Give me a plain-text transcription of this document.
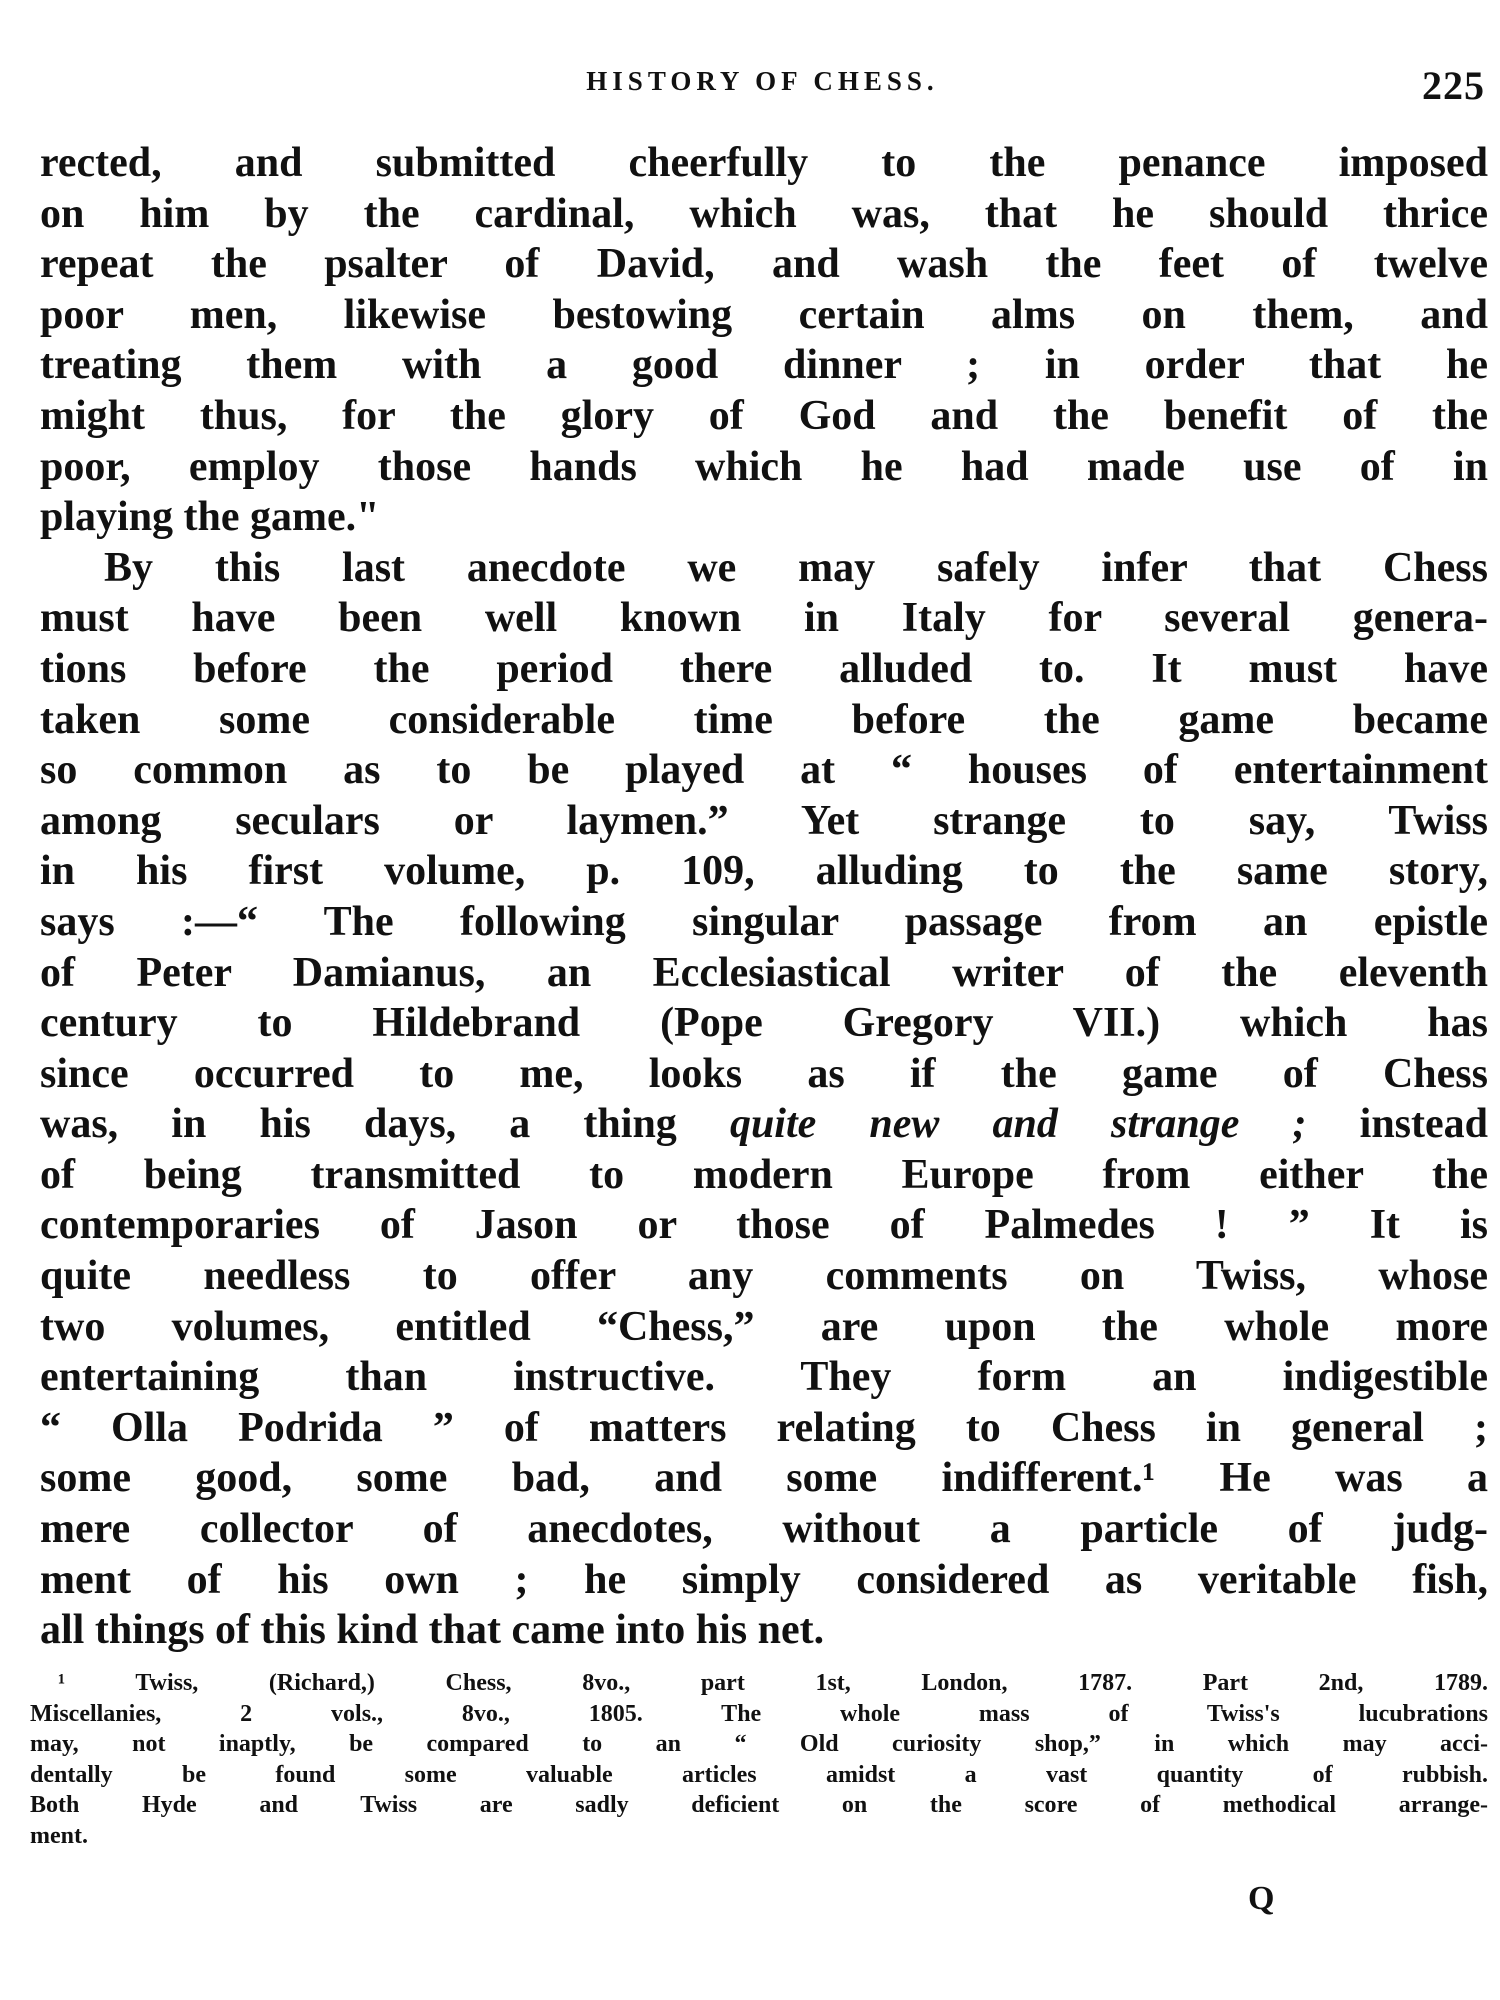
HISTORY OF CHESS.	225
rected, and submitted cheerfully to the penance imposed
on him by the cardinal, which was, that he should thrice
repeat the psalter of David, and wash the feet of twelve
poor men, likewise bestowing certain alms on them, and
treating them with a good dinner ; in order that he
might thus, for the glory of God and the benefit of the
poor, employ those hands which he had made use of in
playing the game."
By this last anecdote we may safely infer that Chess
must have been well known in Italy for several genera-
tions before the period there alluded to. It must have
taken some considerable time before the game became
so common as to be played at “ houses of entertainment
among seculars or laymen.” Yet strange to say, Twiss
in his first volume, p. 109, alluding to the same story,
says :—“ The following singular passage from an epistle
of Peter Damianus, an Ecclesiastical writer of the eleventh
century to Hildebrand (Pope Gregory VII.) which has
since occurred to me, looks as if the game of Chess
was, in his days, a thing quite new and strange ; instead
of being transmitted to modern Europe from either the
contemporaries of Jason or those of Palmedes ! ” It is
quite needless to offer any comments on Twiss, whose
two volumes, entitled “Chess,” are upon the whole more
entertaining than instructive. They form an indigestible
“ Olla Podrida ” of matters relating to Chess in general ;
some good, some bad, and some indifferent.¹ He was a
mere collector of anecdotes, without a particle of judg-
ment of his own ; he simply considered as veritable fish,
all things of this kind that came into his net.
¹ Twiss, (Richard,) Chess, 8vo., part 1st, London, 1787. Part 2nd, 1789.
Miscellanies, 2 vols., 8vo., 1805. The whole mass of Twiss's lucubrations
may, not inaptly, be compared to an “ Old curiosity shop,” in which may acci-
dentally be found some valuable articles amidst a vast quantity of rubbish.
Both Hyde and Twiss are sadly deficient on the score of methodical arrange-
ment.
Q
